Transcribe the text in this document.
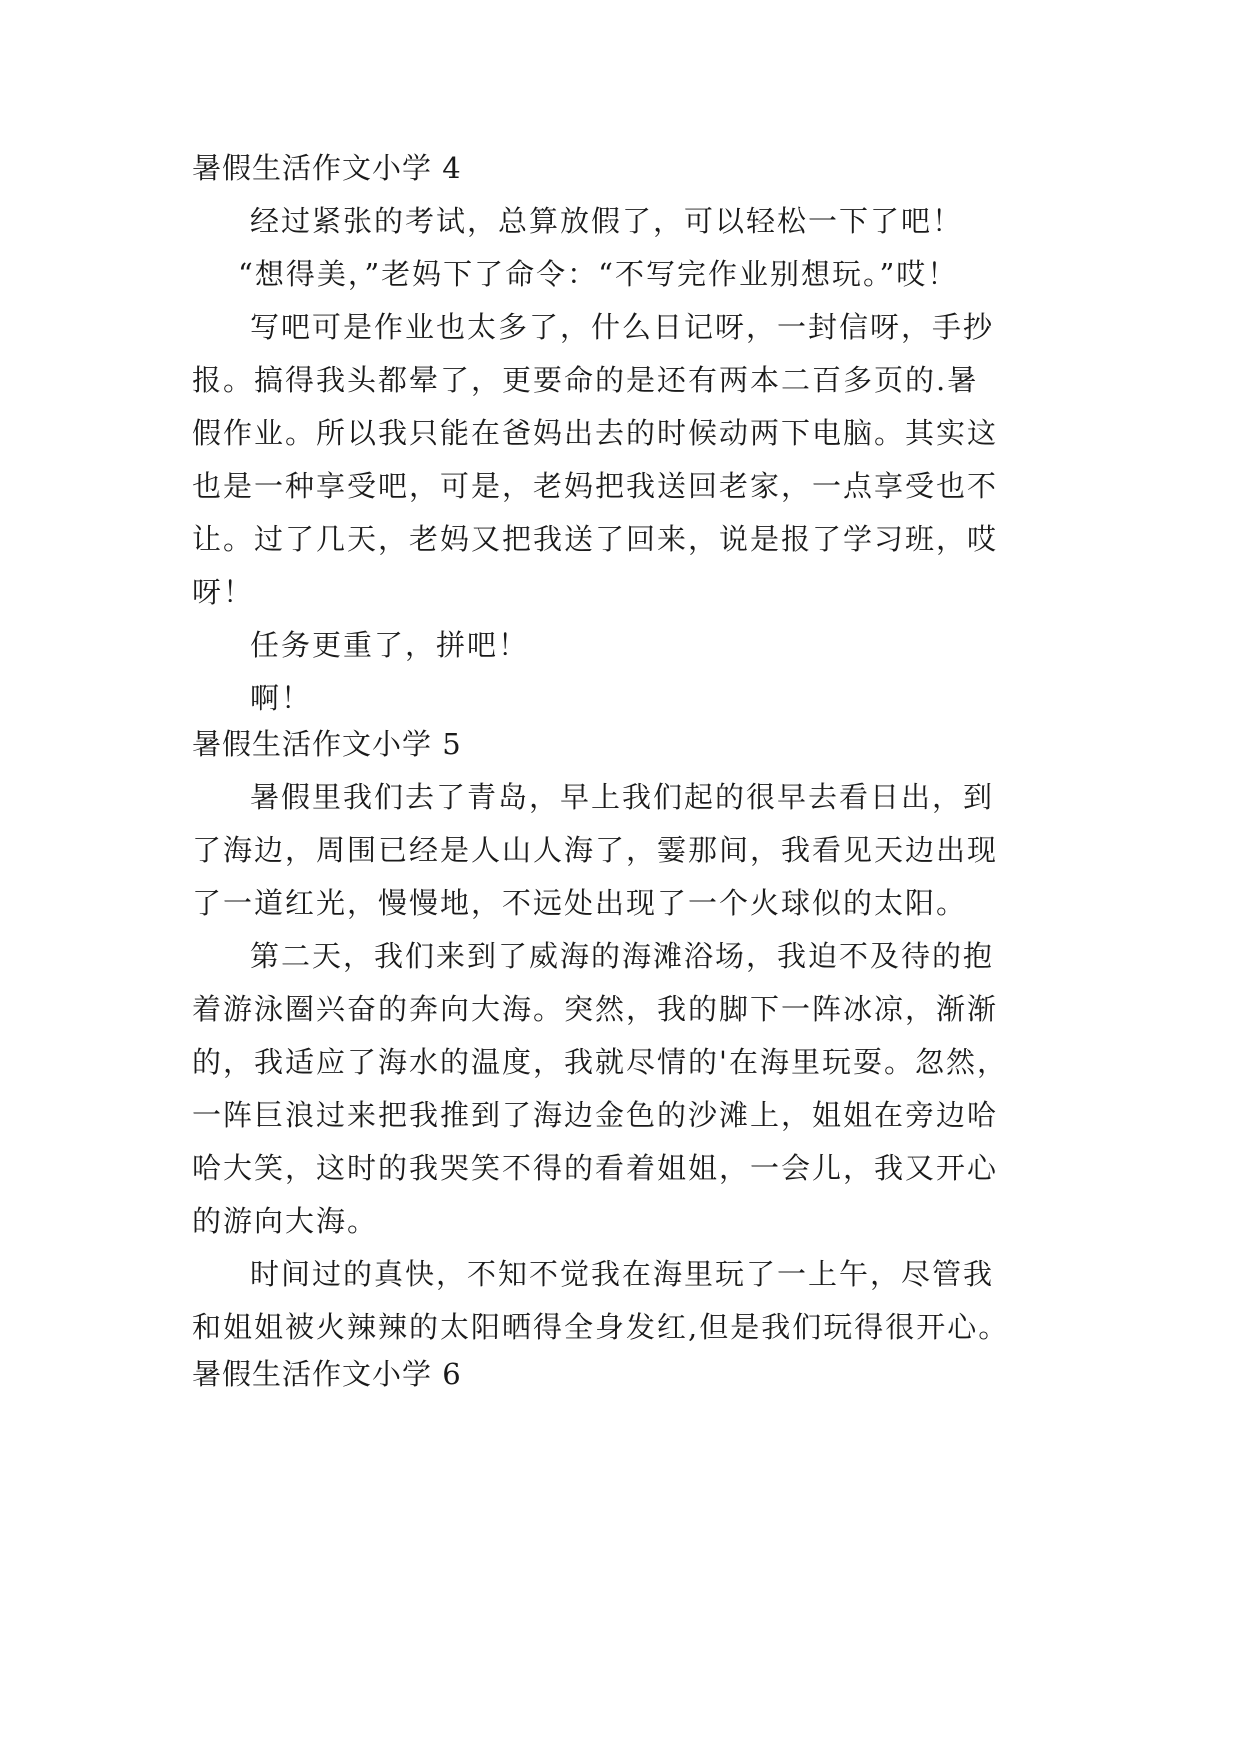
暑假生活作文小学 4
经过紧张的考试，总算放假了，可以轻松一下了吧！
“想得美，”老妈下了命令：“不写完作业别想玩。”哎！
写吧可是作业也太多了，什么日记呀，一封信呀，手抄
报。搞得我头都晕了，更要命的是还有两本二百多页的.暑
假作业。所以我只能在爸妈出去的时候动两下电脑。其实这
也是一种享受吧，可是，老妈把我送回老家，一点享受也不
让。过了几天，老妈又把我送了回来，说是报了学习班，哎
呀！
任务更重了，拼吧！
啊！
暑假生活作文小学 5
暑假里我们去了青岛，早上我们起的很早去看日出，到
了海边，周围已经是人山人海了，霎那间，我看见天边出现
了一道红光，慢慢地，不远处出现了一个火球似的太阳。
第二天，我们来到了威海的海滩浴场，我迫不及待的抱
着游泳圈兴奋的奔向大海。突然，我的脚下一阵冰凉，渐渐
的，我适应了海水的温度，我就尽情的'在海里玩耍。忽然，
一阵巨浪过来把我推到了海边金色的沙滩上，姐姐在旁边哈
哈大笑，这时的我哭笑不得的看着姐姐，一会儿，我又开心
的游向大海。
时间过的真快，不知不觉我在海里玩了一上午，尽管我
和姐姐被火辣辣的太阳晒得全身发红,但是我们玩得很开心。
暑假生活作文小学 6
